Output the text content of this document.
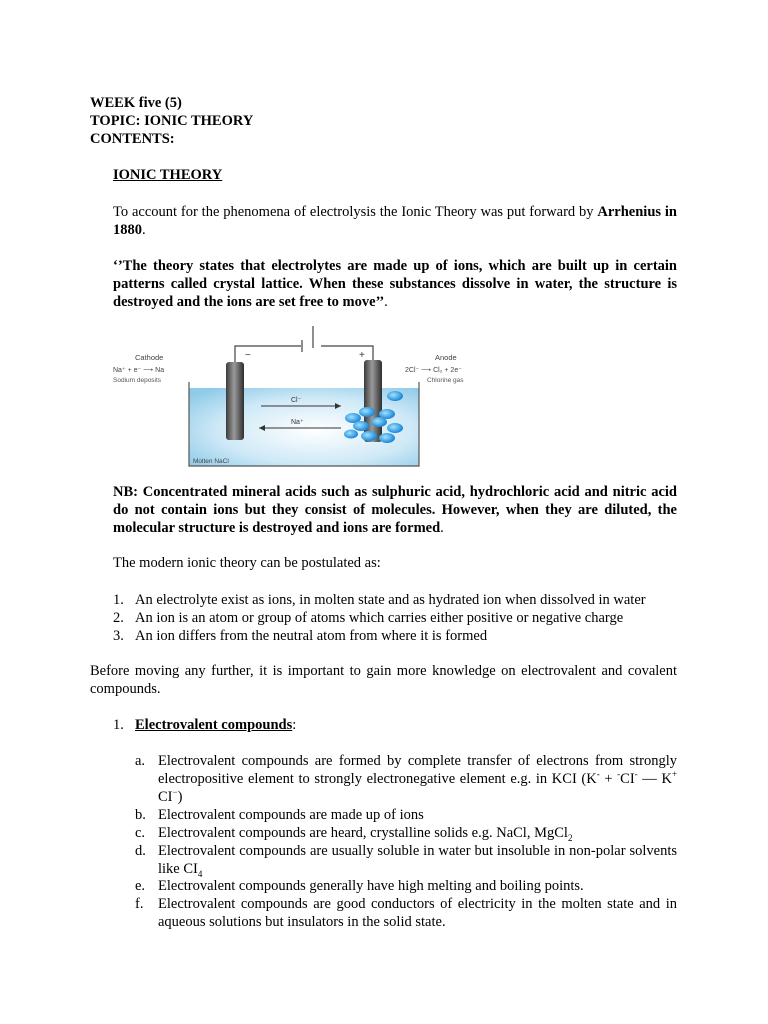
WEEK five (5)
TOPIC: IONIC THEORY
CONTENTS:
IONIC THEORY
To account for the phenomena of electrolysis the Ionic Theory was put forward by Arrhenius in 1880.
‘’The theory states that electrolytes are made up of ions, which are built up in certain patterns called crystal lattice. When these substances dissolve in water, the structure is destroyed and the ions are set free to move’’.
−	+
Cathode
Na⁺ + e⁻ ⟶ Na
Sodium deposits
Anode
2Cl⁻ ⟶ Cl₂ + 2e⁻
Chlorine gas
Cl⁻
Na⁺
Molten NaCl
NB: Concentrated mineral acids such as sulphuric acid, hydrochloric acid and nitric acid do not contain ions but they consist of molecules. However, when they are diluted, the molecular structure is destroyed and ions are formed.
The modern ionic theory can be postulated as:
1. An electrolyte exist as ions, in molten state and as hydrated ion when dissolved in water
2. An ion is an atom or group of atoms which carries either positive or negative charge
3. An ion differs from the neutral atom from where it is formed
Before moving any further, it is important to gain more knowledge on electrovalent and covalent compounds.
1. Electrovalent compounds:
a. Electrovalent compounds are formed by complete transfer of electrons from strongly electropositive element to strongly electronegative element e.g. in KCI (K- + -CI- — K+ CI−)
b. Electrovalent compounds are made up of ions
c. Electrovalent compounds are heard, crystalline solids e.g. NaCl, MgCl$_2$
d. Electrovalent compounds are usually soluble in water but insoluble in non-polar solvents like $CI_4$
e. Electrovalent compounds generally have high melting and boiling points.
f. Electrovalent compounds are good conductors of electricity in the molten state and in aqueous solutions but insulators in the solid state.
